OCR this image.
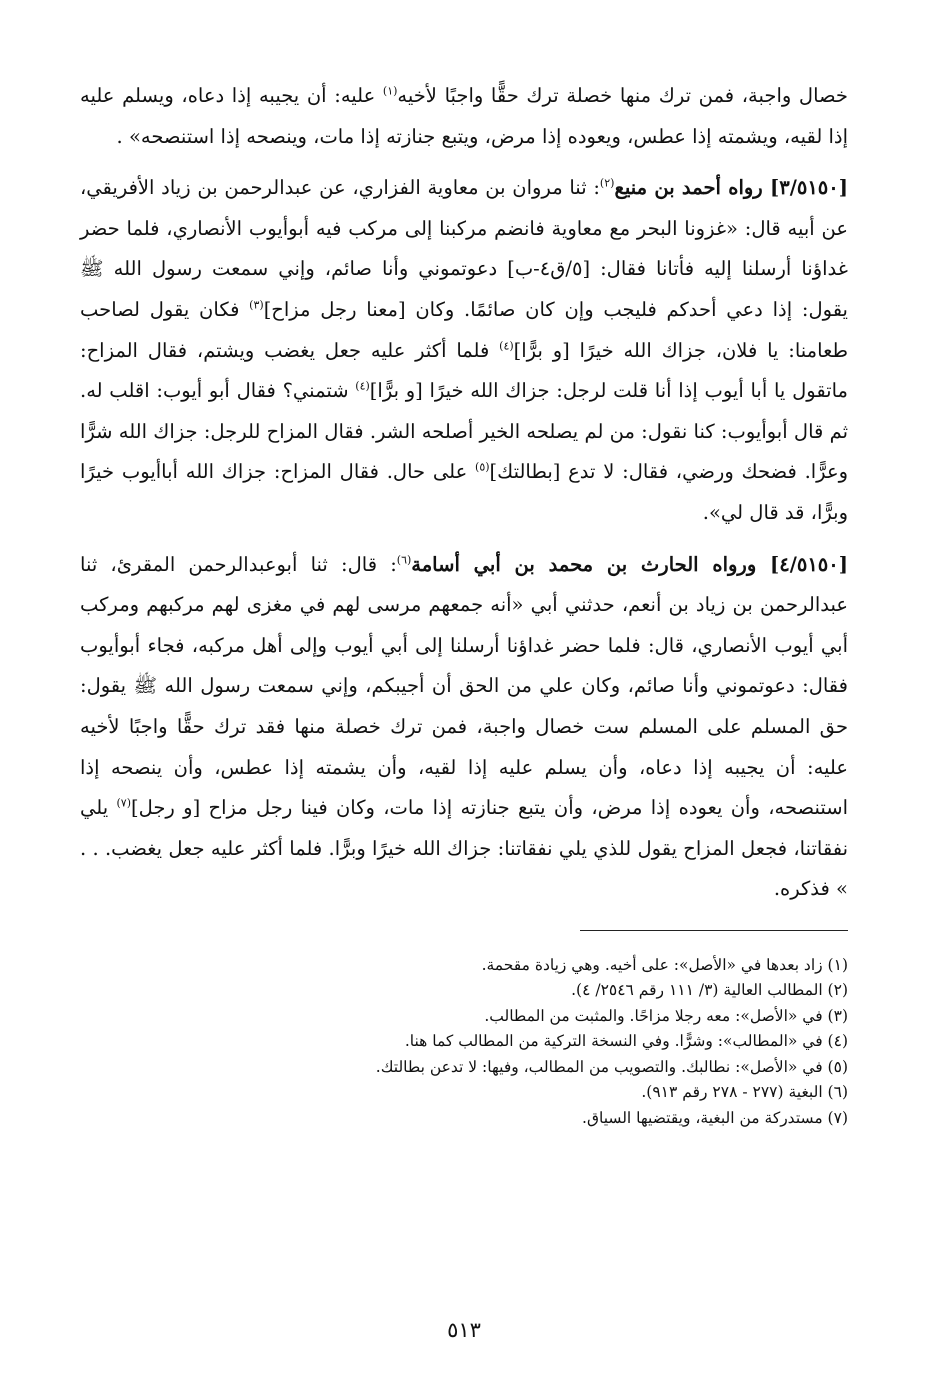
خصال واجبة، فمن ترك منها خصلة ترك حقًّا واجبًا لأخيه$^{(١)}$ عليه: أن يجيبه إذا دعاه، ويسلم عليه إذا لقيه، ويشمته إذا عطس، ويعوده إذا مرض، ويتبع جنازته إذا مات، وينصحه إذا استنصحه» .

[٣/٥١٥٠] رواه أحمد بن منيع$^{(٢)}$: ثنا مروان بن معاوية الفزاري، عن عبدالرحمن بن زياد الأفريقي، عن أبيه قال: «غزونا البحر مع معاوية فانضم مركبنا إلى مركب فيه أبوأيوب الأنصاري، فلما حضر غداؤنا أرسلنا إليه فأتانا فقال: [٥/ق٤-ب] دعوتموني وأنا صائم، وإني سمعت رسول الله ﷺ يقول: إذا دعي أحدكم فليجب وإن كان صائمًا. وكان [معنا رجل مزاح]$^{(٣)}$ فكان يقول لصاحب طعامنا: يا فلان، جزاك الله خيرًا [و برًّا]$^{(٤)}$ فلما أكثر عليه جعل يغضب ويشتم، فقال المزاح: ماتقول يا أبا أيوب إذا أنا قلت لرجل: جزاك الله خيرًا [و برًّا]$^{(٤)}$ شتمني؟ فقال أبو أيوب: اقلب له. ثم قال أبوأيوب: كنا نقول: من لم يصلحه الخير أصلحه الشر. فقال المزاح للرجل: جزاك الله شرًّا وعرًّا. فضحك ورضي، فقال: لا تدع [بطالتك]$^{(٥)}$ على حال. فقال المزاح: جزاك الله أباأيوب خيرًا وبرًّا، قد قال لي».

[٤/٥١٥٠] ورواه الحارث بن محمد بن أبي أسامة$^{(٦)}$: قال: ثنا أبوعبدالرحمن المقرئ، ثنا عبدالرحمن بن زياد بن أنعم، حدثني أبي «أنه جمعهم مرسى لهم في مغزى لهم مركبهم ومركب أبي أيوب الأنصاري، قال: فلما حضر غداؤنا أرسلنا إلى أبي أيوب وإلى أهل مركبه، فجاء أبوأيوب فقال: دعوتموني وأنا صائم، وكان علي من الحق أن أجيبكم، وإني سمعت رسول الله ﷺ يقول: حق المسلم على المسلم ست خصال واجبة، فمن ترك خصلة منها فقد ترك حقًّا واجبًا لأخيه عليه: أن يجيبه إذا دعاه، وأن يسلم عليه إذا لقيه، وأن يشمته إذا عطس، وأن ينصحه إذا استنصحه، وأن يعوده إذا مرض، وأن يتبع جنازته إذا مات، وكان فينا رجل مزاح [و رجل]$^{(٧)}$ يلي نفقاتنا، فجعل المزاح يقول للذي يلي نفقاتنا: جزاك الله خيرًا وبرًّا. فلما أكثر عليه جعل يغضب. . . » فذكره.

(١) زاد بعدها في «الأصل»: على أخيه. وهي زيادة مقحمة.

(٢) المطالب العالية (٣/ ١١١ رقم ٢٥٤٦/ ٤).

(٣) في «الأصل»: معه رجلا مزاحًا. والمثبت من المطالب.

(٤) في «المطالب»: وشرًّا. وفي النسخة التركية من المطالب كما هنا.

(٥) في «الأصل»: نطالبك. والتصويب من المطالب، وفيها: لا تدعن بطالتك.

(٦) البغية (٢٧٧ - ٢٧٨ رقم ٩١٣).

(٧) مستدركة من البغية، ويقتضيها السياق.

٥١٣
